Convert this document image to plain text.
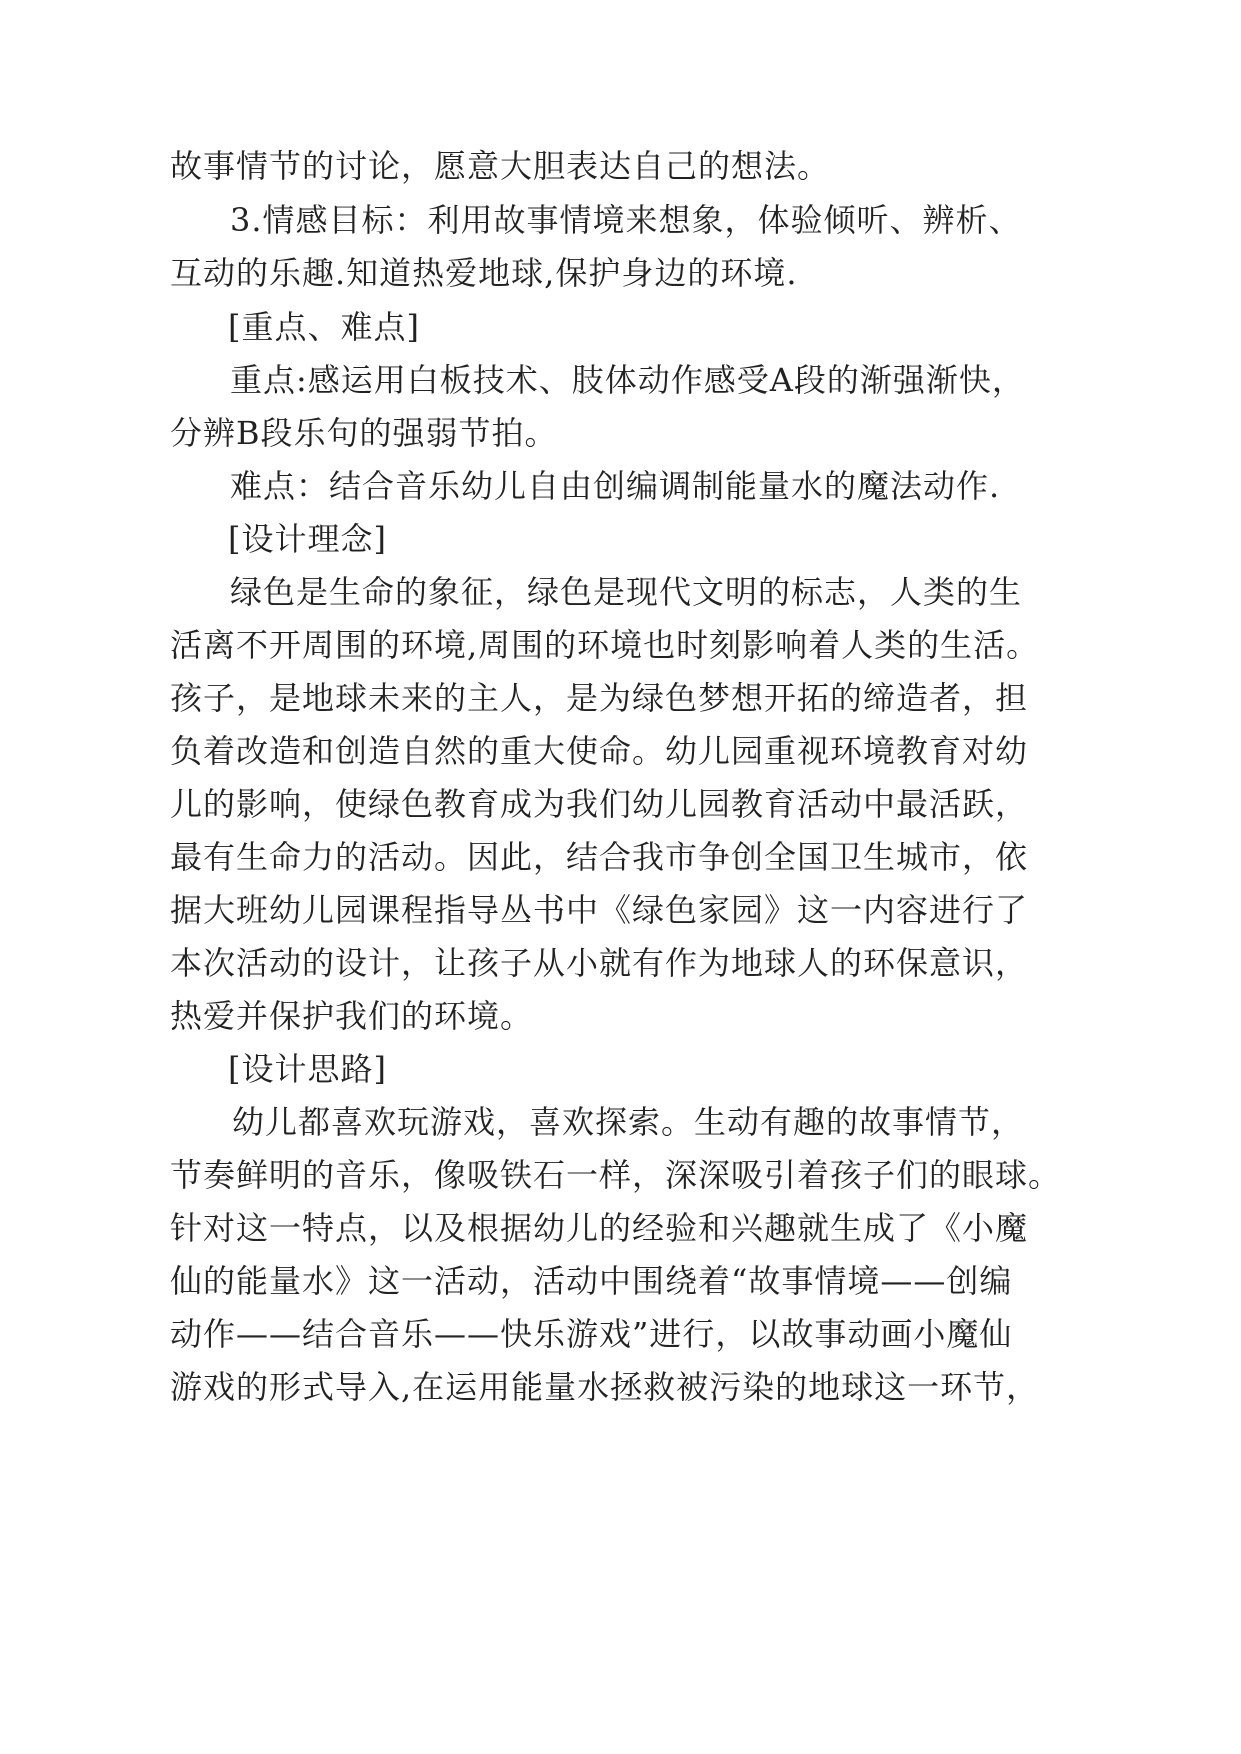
故事情节的讨论，愿意大胆表达自己的想法。
3.情感目标：利用故事情境来想象，体验倾听、辨析、
互动的乐趣.知道热爱地球,保护身边的环境.
[重点、难点]
重点:感运用白板技术、肢体动作感受A段的渐强渐快，
分辨B段乐句的强弱节拍。
难点：结合音乐幼儿自由创编调制能量水的魔法动作.
[设计理念]
绿色是生命的象征，绿色是现代文明的标志，人类的生
活离不开周围的环境,周围的环境也时刻影响着人类的生活。
孩子，是地球未来的主人，是为绿色梦想开拓的缔造者，担
负着改造和创造自然的重大使命。幼儿园重视环境教育对幼
儿的影响，使绿色教育成为我们幼儿园教育活动中最活跃，
最有生命力的活动。因此，结合我市争创全国卫生城市，依
据大班幼儿园课程指导丛书中《绿色家园》这一内容进行了
本次活动的设计，让孩子从小就有作为地球人的环保意识，
热爱并保护我们的环境。
[设计思路]
幼儿都喜欢玩游戏，喜欢探索。生动有趣的故事情节，
节奏鲜明的音乐，像吸铁石一样，深深吸引着孩子们的眼球。
针对这一特点，以及根据幼儿的经验和兴趣就生成了《小魔
仙的能量水》这一活动，活动中围绕着“故事情境——创编
动作——结合音乐——快乐游戏”进行，以故事动画小魔仙
游戏的形式导入,在运用能量水拯救被污染的地球这一环节，
